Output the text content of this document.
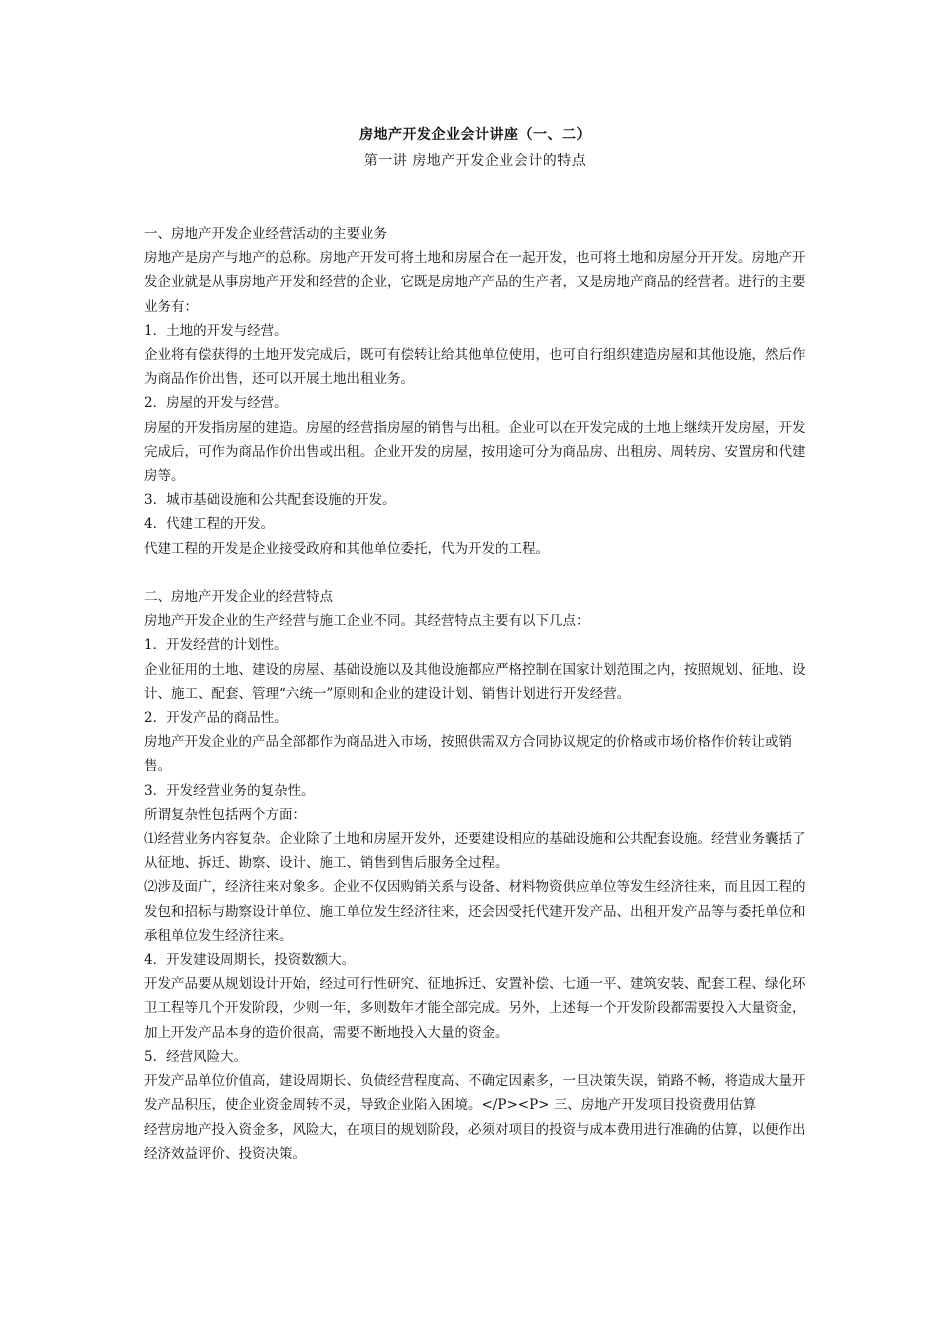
房地产开发企业会计讲座（一、二）
第一讲 房地产开发企业会计的特点

一、房地产开发企业经营活动的主要业务

房地产是房产与地产的总称。房地产开发可将土地和房屋合在一起开发，也可将土地和房屋分开开发。房地产开发企业就是从事房地产开发和经营的企业，它既是房地产产品的生产者，又是房地产商品的经营者。进行的主要业务有：

1．土地的开发与经营。

企业将有偿获得的土地开发完成后，既可有偿转让给其他单位使用，也可自行组织建造房屋和其他设施，然后作为商品作价出售，还可以开展土地出租业务。

2．房屋的开发与经营。

房屋的开发指房屋的建造。房屋的经营指房屋的销售与出租。企业可以在开发完成的土地上继续开发房屋，开发完成后，可作为商品作价出售或出租。企业开发的房屋，按用途可分为商品房、出租房、周转房、安置房和代建房等。

3．城市基础设施和公共配套设施的开发。

4．代建工程的开发。

代建工程的开发是企业接受政府和其他单位委托，代为开发的工程。

二、房地产开发企业的经营特点

房地产开发企业的生产经营与施工企业不同。其经营特点主要有以下几点：

1．开发经营的计划性。

企业征用的土地、建设的房屋、基础设施以及其他设施都应严格控制在国家计划范围之内，按照规划、征地、设计、施工、配套、管理“六统一”原则和企业的建设计划、销售计划进行开发经营。

2．开发产品的商品性。

房地产开发企业的产品全部都作为商品进入市场，按照供需双方合同协议规定的价格或市场价格作价转让或销售。

3．开发经营业务的复杂性。

所谓复杂性包括两个方面：

⑴经营业务内容复杂。企业除了土地和房屋开发外，还要建设相应的基础设施和公共配套设施。经营业务囊括了从征地、拆迁、勘察、设计、施工、销售到售后服务全过程。

⑵涉及面广，经济往来对象多。企业不仅因购销关系与设备、材料物资供应单位等发生经济往来，而且因工程的发包和招标与勘察设计单位、施工单位发生经济往来，还会因受托代建开发产品、出租开发产品等与委托单位和承租单位发生经济往来。

4．开发建设周期长，投资数额大。

开发产品要从规划设计开始，经过可行性研究、征地拆迁、安置补偿、七通一平、建筑安装、配套工程、绿化环卫工程等几个开发阶段，少则一年，多则数年才能全部完成。另外，上述每一个开发阶段都需要投入大量资金，加上开发产品本身的造价很高，需要不断地投入大量的资金。

5．经营风险大。

开发产品单位价值高，建设周期长、负债经营程度高、不确定因素多，一旦决策失误，销路不畅，将造成大量开发产品积压，使企业资金周转不灵，导致企业陷入困境。</P><P> 三、房地产开发项目投资费用估算

经营房地产投入资金多，风险大，在项目的规划阶段，必须对项目的投资与成本费用进行准确的估算，以便作出经济效益评价、投资决策。
